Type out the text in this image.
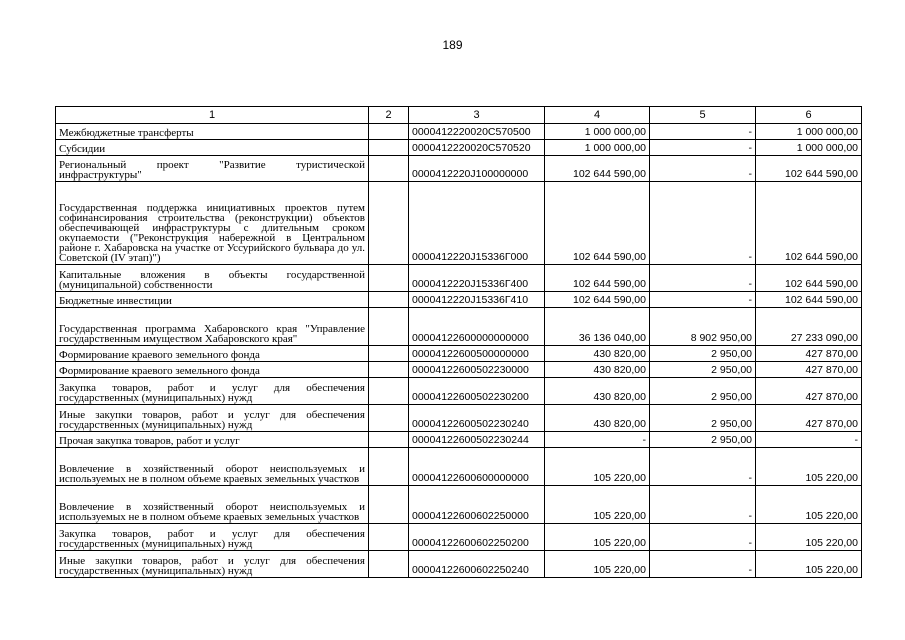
189
1	2	3	4	5	6
Межбюджетные трансферты		0000412220020С570500	1 000 000,00	-	1 000 000,00
Субсидии		0000412220020С570520	1 000 000,00	-	1 000 000,00
Региональный проект "Развитие туристической инфраструктуры"		0000412220J100000000	102 644 590,00	-	102 644 590,00
Государственная поддержка инициативных проектов путем софинансирования строительства (реконструкции) объектов обеспечивающей инфраструктуры с длительным сроком окупаемости ("Реконструкция набережной в Центральном районе г. Хабаровска на участке от Уссурийского бульвара до ул. Советской (IV этап)")		0000412220J15336Г000	102 644 590,00	-	102 644 590,00
Капитальные вложения в объекты государственной (муниципальной) собственности		0000412220J15336Г400	102 644 590,00	-	102 644 590,00
Бюджетные инвестиции		0000412220J15336Г410	102 644 590,00	-	102 644 590,00
Государственная программа Хабаровского края "Управление государственным имуществом Хабаровского края"		00004122600000000000	36 136 040,00	8 902 950,00	27 233 090,00
Формирование краевого земельного фонда		00004122600500000000	430 820,00	2 950,00	427 870,00
Формирование краевого земельного фонда		00004122600502230000	430 820,00	2 950,00	427 870,00
Закупка товаров, работ и услуг для обеспечения государственных (муниципальных) нужд		00004122600502230200	430 820,00	2 950,00	427 870,00
Иные закупки товаров, работ и услуг для обеспечения государственных (муниципальных) нужд		00004122600502230240	430 820,00	2 950,00	427 870,00
Прочая закупка товаров, работ и услуг		00004122600502230244	-	2 950,00	-
Вовлечение в хозяйственный оборот неиспользуемых и используемых не в полном объеме краевых земельных участков		00004122600600000000	105 220,00	-	105 220,00
Вовлечение в хозяйственный оборот неиспользуемых и используемых не в полном объеме краевых земельных участков		00004122600602250000	105 220,00	-	105 220,00
Закупка товаров, работ и услуг для обеспечения государственных (муниципальных) нужд		00004122600602250200	105 220,00	-	105 220,00
Иные закупки товаров, работ и услуг для обеспечения государственных (муниципальных) нужд		00004122600602250240	105 220,00	-	105 220,00
